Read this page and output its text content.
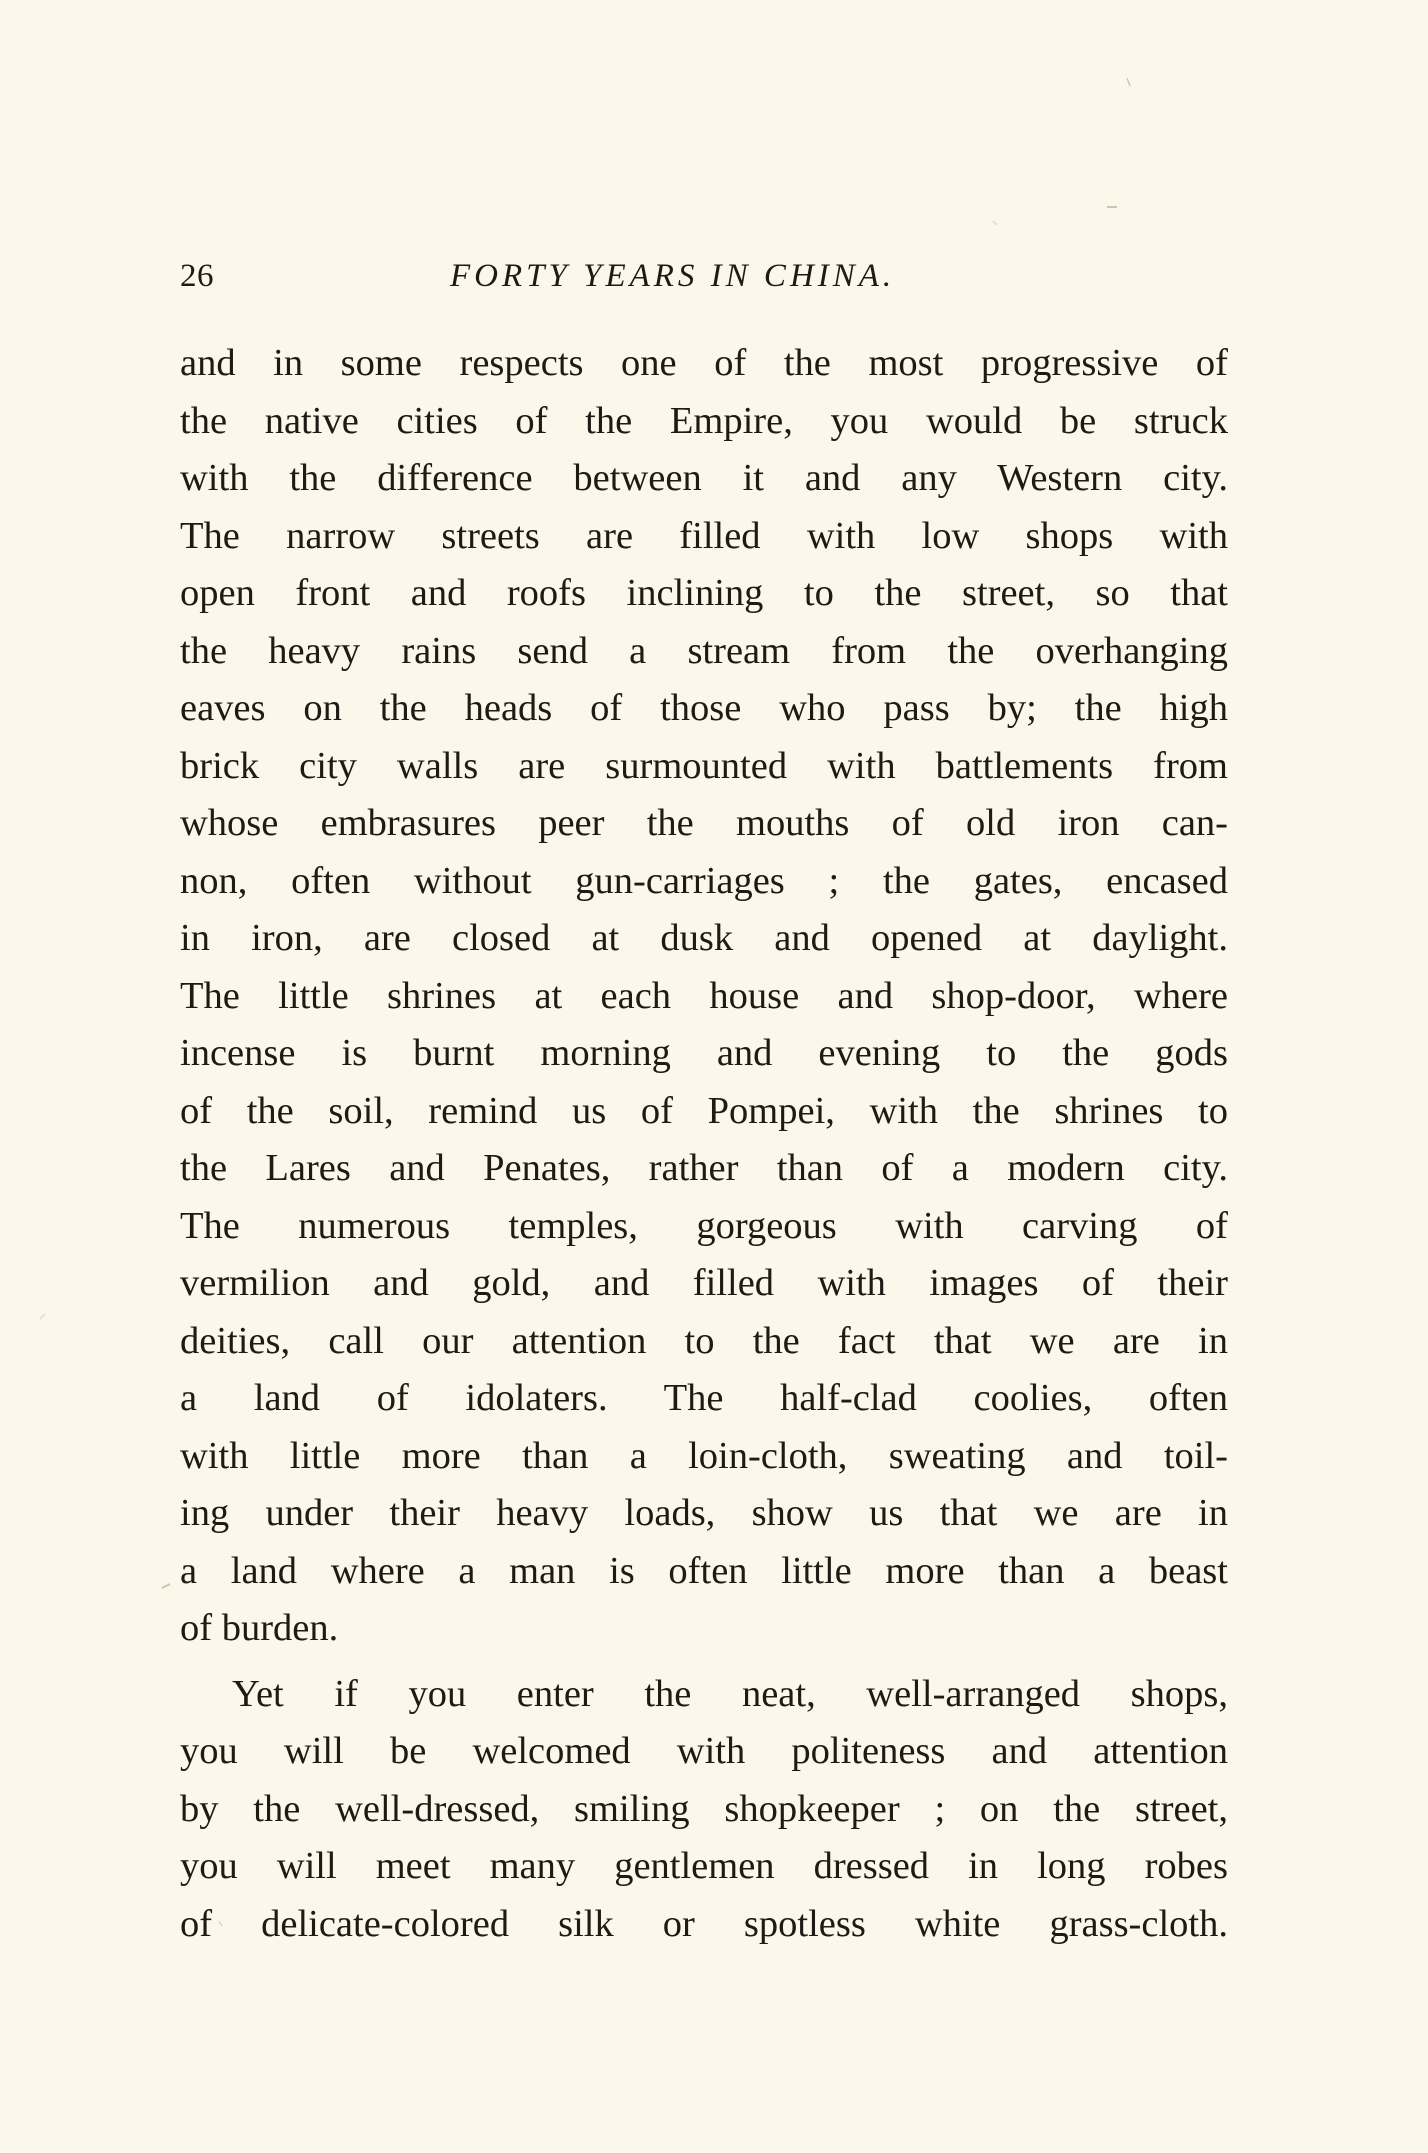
26	FORTY YEARS IN CHINA.
and in some respects one of the most progressive of
the native cities of the Empire, you would be struck
with the difference between it and any Western city.
The narrow streets are filled with low shops with
open front and roofs inclining to the street, so that
the heavy rains send a stream from the overhanging
eaves on the heads of those who pass by; the high
brick city walls are surmounted with battlements from
whose embrasures peer the mouths of old iron can-
non, often without gun-carriages ; the gates, encased
in iron, are closed at dusk and opened at daylight.
The little shrines at each house and shop-door, where
incense is burnt morning and evening to the gods
of the soil, remind us of Pompei, with the shrines to
the Lares and Penates, rather than of a modern city.
The numerous temples, gorgeous with carving of
vermilion and gold, and filled with images of their
deities, call our attention to the fact that we are in
a land of idolaters. The half-clad coolies, often
with little more than a loin-cloth, sweating and toil-
ing under their heavy loads, show us that we are in
a land where a man is often little more than a beast
of burden.
Yet if you enter the neat, well-arranged shops,
you will be welcomed with politeness and attention
by the well-dressed, smiling shopkeeper ; on the street,
you will meet many gentlemen dressed in long robes
of delicate-colored silk or spotless white grass-cloth.
